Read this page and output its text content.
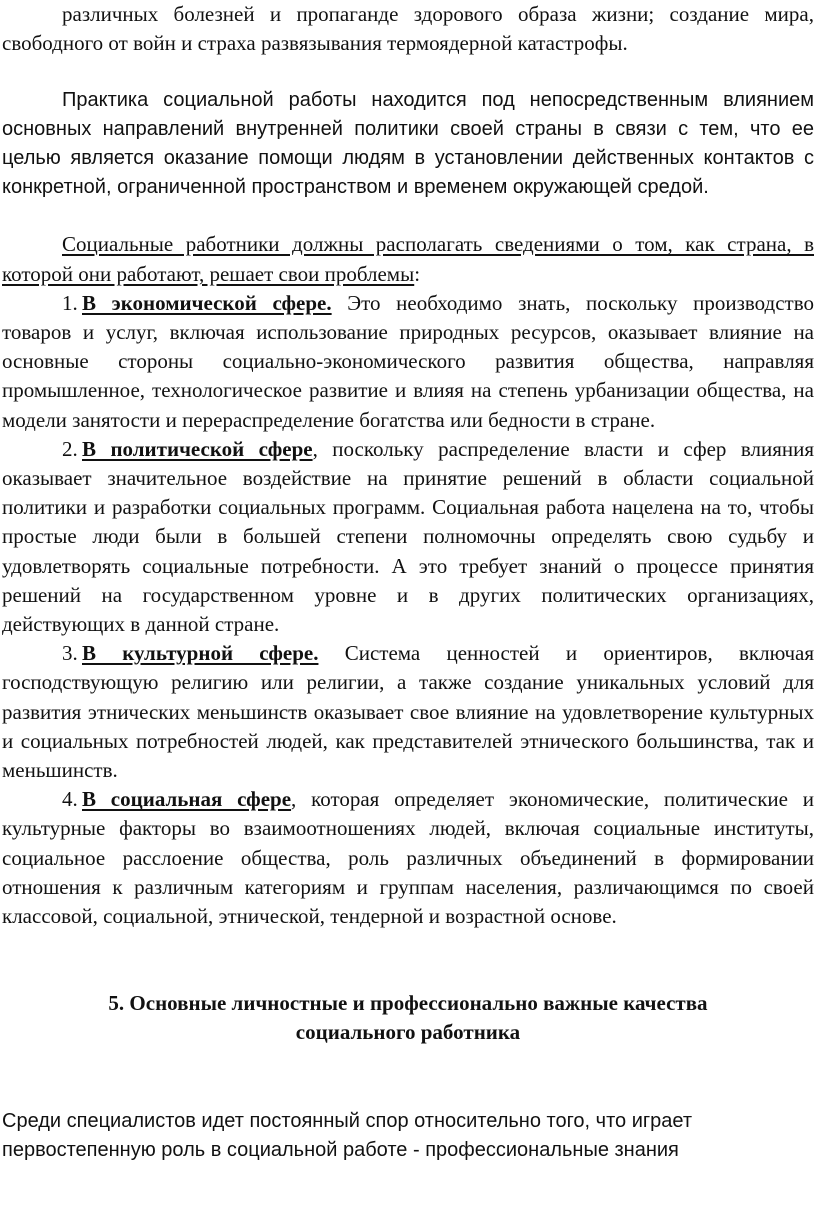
различных болезней и пропаганде здорового образа жизни; создание мира, свободного от войн и страха развязывания термоядерной катастрофы.

Практика социальной работы находится под непосредственным влиянием основных направлений внутренней политики своей страны в связи с тем, что ее целью является оказание помощи людям в установлении действенных контактов с конкретной, ограниченной пространством и временем окружающей средой.

Социальные работники должны располагать сведениями о том, как страна, в которой они работают, решает свои проблемы:

1. В экономической сфере. Это необходимо знать, поскольку производство товаров и услуг, включая использование природных ресурсов, оказывает влияние на основные стороны социально-экономического развития общества, направляя промышленное, технологическое развитие и влияя на степень урбанизации общества, на модели занятости и перераспределение богатства или бедности в стране.

2. В политической сфере, поскольку распределение власти и сфер влияния оказывает значительное воздействие на принятие решений в области социальной политики и разработки социальных программ. Социальная работа нацелена на то, чтобы простые люди были в большей степени полномочны определять свою судьбу и удовлетворять социальные потребности. А это требует знаний о процессе принятия решений на государственном уровне и в других политических организациях, действующих в данной стране.

3. В культурной сфере. Система ценностей и ориентиров, включая господствующую религию или религии, а также создание уникальных условий для развития этнических меньшинств оказывает свое влияние на удовлетворение культурных и социальных потребностей людей, как представителей этнического большинства, так и меньшинств.

4. В социальная сфере, которая определяет экономические, политические и культурные факторы во взаимоотношениях людей, включая социальные институты, социальное расслоение общества, роль различных объединений в формировании отношения к различным категориям и группам населения, различающимся по своей классовой, социальной, этнической, тендерной и возрастной основе.

5. Основные личностные и профессионально важные качества
социального работника

Среди специалистов идет постоянный спор относительно того, что играет
первостепенную роль в социальной работе - профессиональные знания
